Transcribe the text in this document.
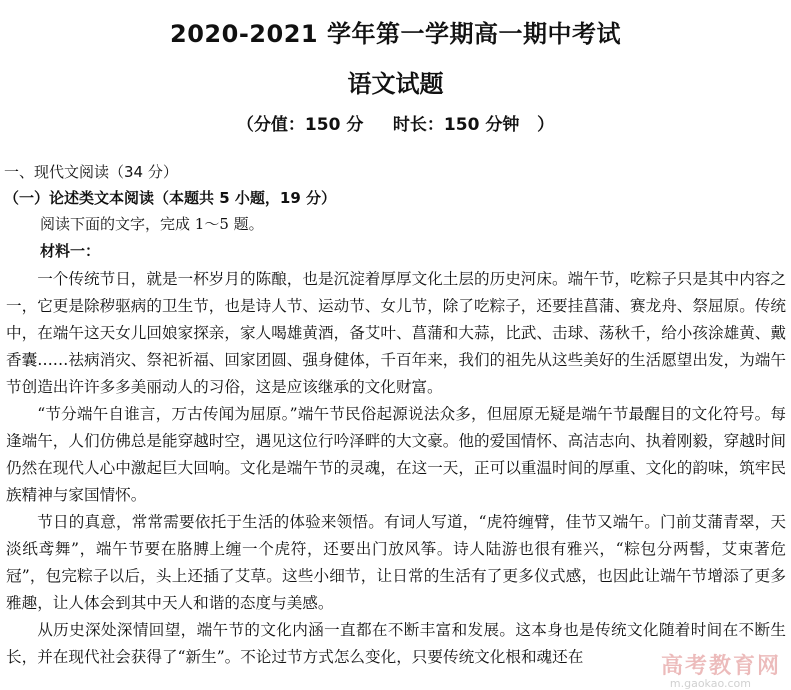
2020-2021 学年第一学期高一期中考试
语文试题
（分值：150 分     时长：150 分钟   ）
一、现代文阅读（34 分）
（一）论述类文本阅读（本题共 5 小题，19 分）
阅读下面的文字，完成 1～5 题。
材料一：

一个传统节日，就是一杯岁月的陈酿，也是沉淀着厚厚文化土层的历史河床。端午节，吃粽子只是其中内容之一，它更是除秽驱病的卫生节，也是诗人节、运动节、女儿节，除了吃粽子，还要挂菖蒲、赛龙舟、祭屈原。传统中，在端午这天女儿回娘家探亲，家人喝雄黄酒，备艾叶、菖蒲和大蒜，比武、击球、荡秋千，给小孩涂雄黄、戴香囊……祛病消灾、祭祀祈福、回家团圆、强身健体，千百年来，我们的祖先从这些美好的生活愿望出发，为端午节创造出许许多多美丽动人的习俗，这是应该继承的文化财富。

“节分端午自谁言，万古传闻为屈原。”端午节民俗起源说法众多，但屈原无疑是端午节最醒目的文化符号。每逢端午，人们仿佛总是能穿越时空，遇见这位行吟泽畔的大文豪。他的爱国情怀、高洁志向、执着刚毅，穿越时间仍然在现代人心中激起巨大回响。文化是端午节的灵魂，在这一天，正可以重温时间的厚重、文化的韵味，筑牢民族精神与家国情怀。

节日的真意，常常需要依托于生活的体验来领悟。有词人写道，“虎符缠臂，佳节又端午。门前艾蒲青翠，天淡纸鸢舞”，端午节要在胳膊上缠一个虎符，还要出门放风筝。诗人陆游也很有雅兴，“粽包分两髻，艾束著危冠”，包完粽子以后，头上还插了艾草。这些小细节，让日常的生活有了更多仪式感，也因此让端午节增添了更多雅趣，让人体会到其中天人和谐的态度与美感。

从历史深处深情回望，端午节的文化内涵一直都在不断丰富和发展。这本身也是传统文化随着时间在不断生长，并在现代社会获得了“新生”。不论过节方式怎么变化，只要传统文化根和魂还在	高考教育网
m.gaokao.com
